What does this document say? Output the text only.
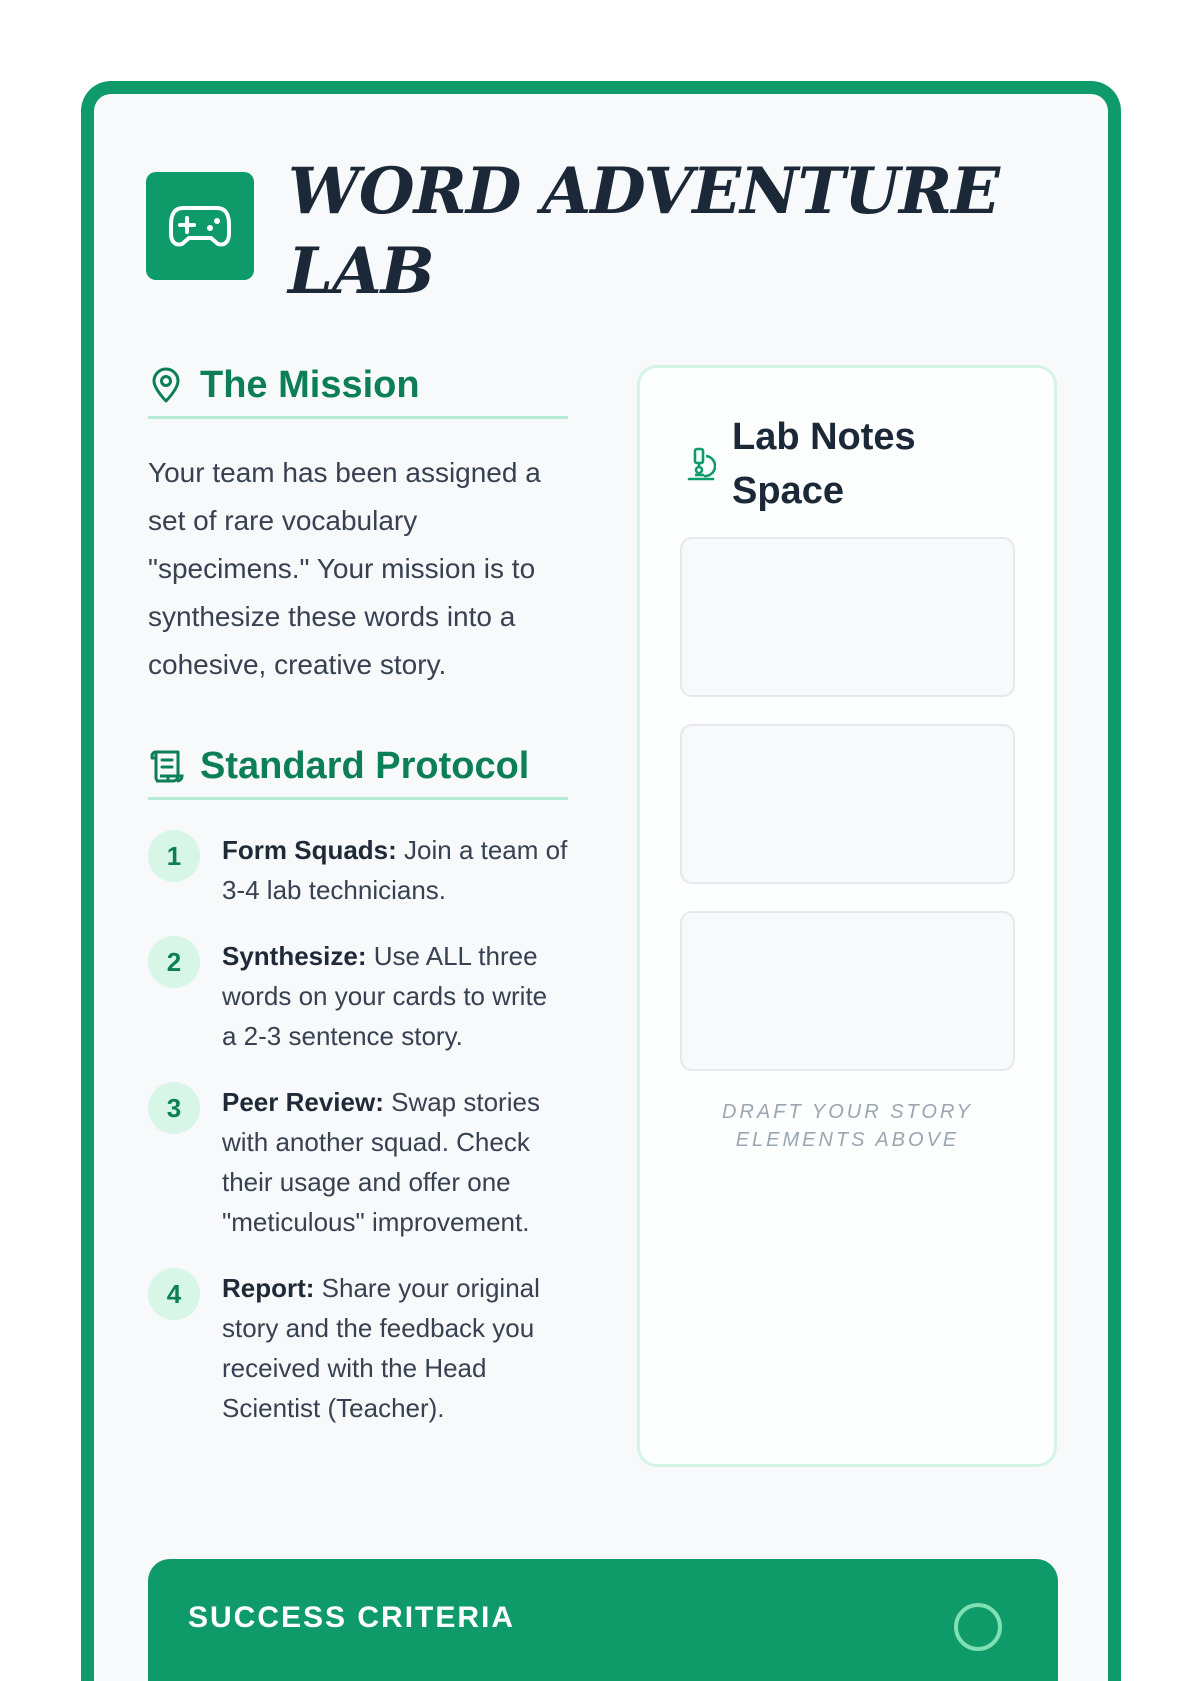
WORD ADVENTURE LAB
The Mission

Your team has been assigned a set of rare vocabulary "specimens." Your mission is to synthesize these words into a cohesive, creative story.

Standard Protocol
1	Form Squads: Join a team of 3-4 lab technicians.
2	Synthesize: Use ALL three words on your cards to write a 2-3 sentence story.
3	Peer Review: Swap stories with another squad. Check their usage and offer one "meticulous" improvement.
4	Report: Share your original story and the feedback you received with the Head Scientist (Teacher).
Lab Notes Space
DRAFT YOUR STORY ELEMENTS ABOVE
SUCCESS CRITERIA
